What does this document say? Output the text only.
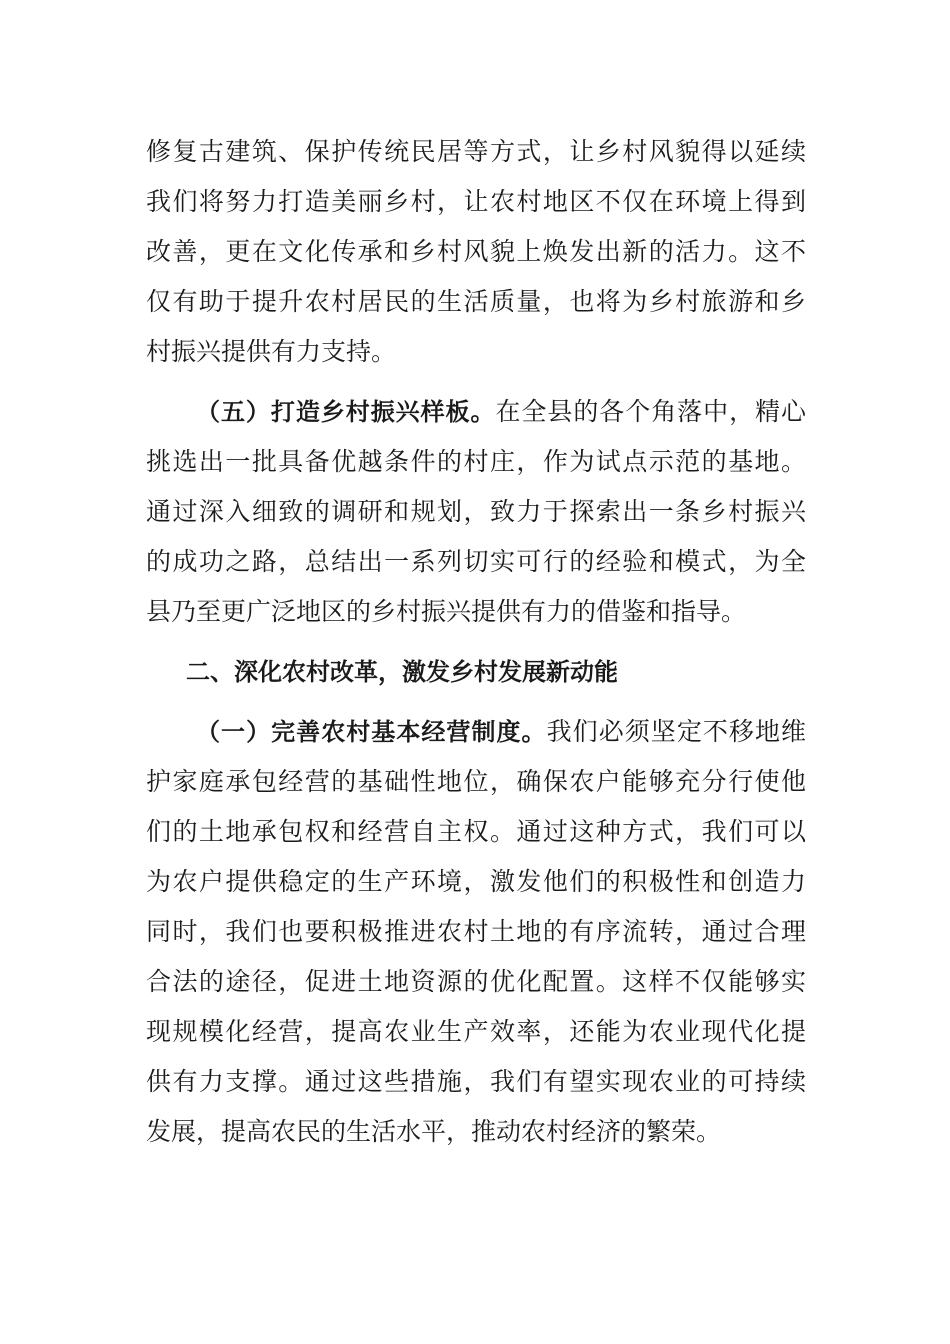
修复古建筑、保护传统民居等方式，让乡村风貌得以延续
我们将努力打造美丽乡村，让农村地区不仅在环境上得到
改善，更在文化传承和乡村风貌上焕发出新的活力。这不
仅有助于提升农村居民的生活质量，也将为乡村旅游和乡
村振兴提供有力支持。
（五）打造乡村振兴样板。在全县的各个角落中，精心
挑选出一批具备优越条件的村庄，作为试点示范的基地。
通过深入细致的调研和规划，致力于探索出一条乡村振兴
的成功之路，总结出一系列切实可行的经验和模式，为全
县乃至更广泛地区的乡村振兴提供有力的借鉴和指导。
二、深化农村改革，激发乡村发展新动能
（一）完善农村基本经营制度。我们必须坚定不移地维
护家庭承包经营的基础性地位，确保农户能够充分行使他
们的土地承包权和经营自主权。通过这种方式，我们可以
为农户提供稳定的生产环境，激发他们的积极性和创造力
同时，我们也要积极推进农村土地的有序流转，通过合理
合法的途径，促进土地资源的优化配置。这样不仅能够实
现规模化经营，提高农业生产效率，还能为农业现代化提
供有力支撑。通过这些措施，我们有望实现农业的可持续
发展，提高农民的生活水平，推动农村经济的繁荣。
